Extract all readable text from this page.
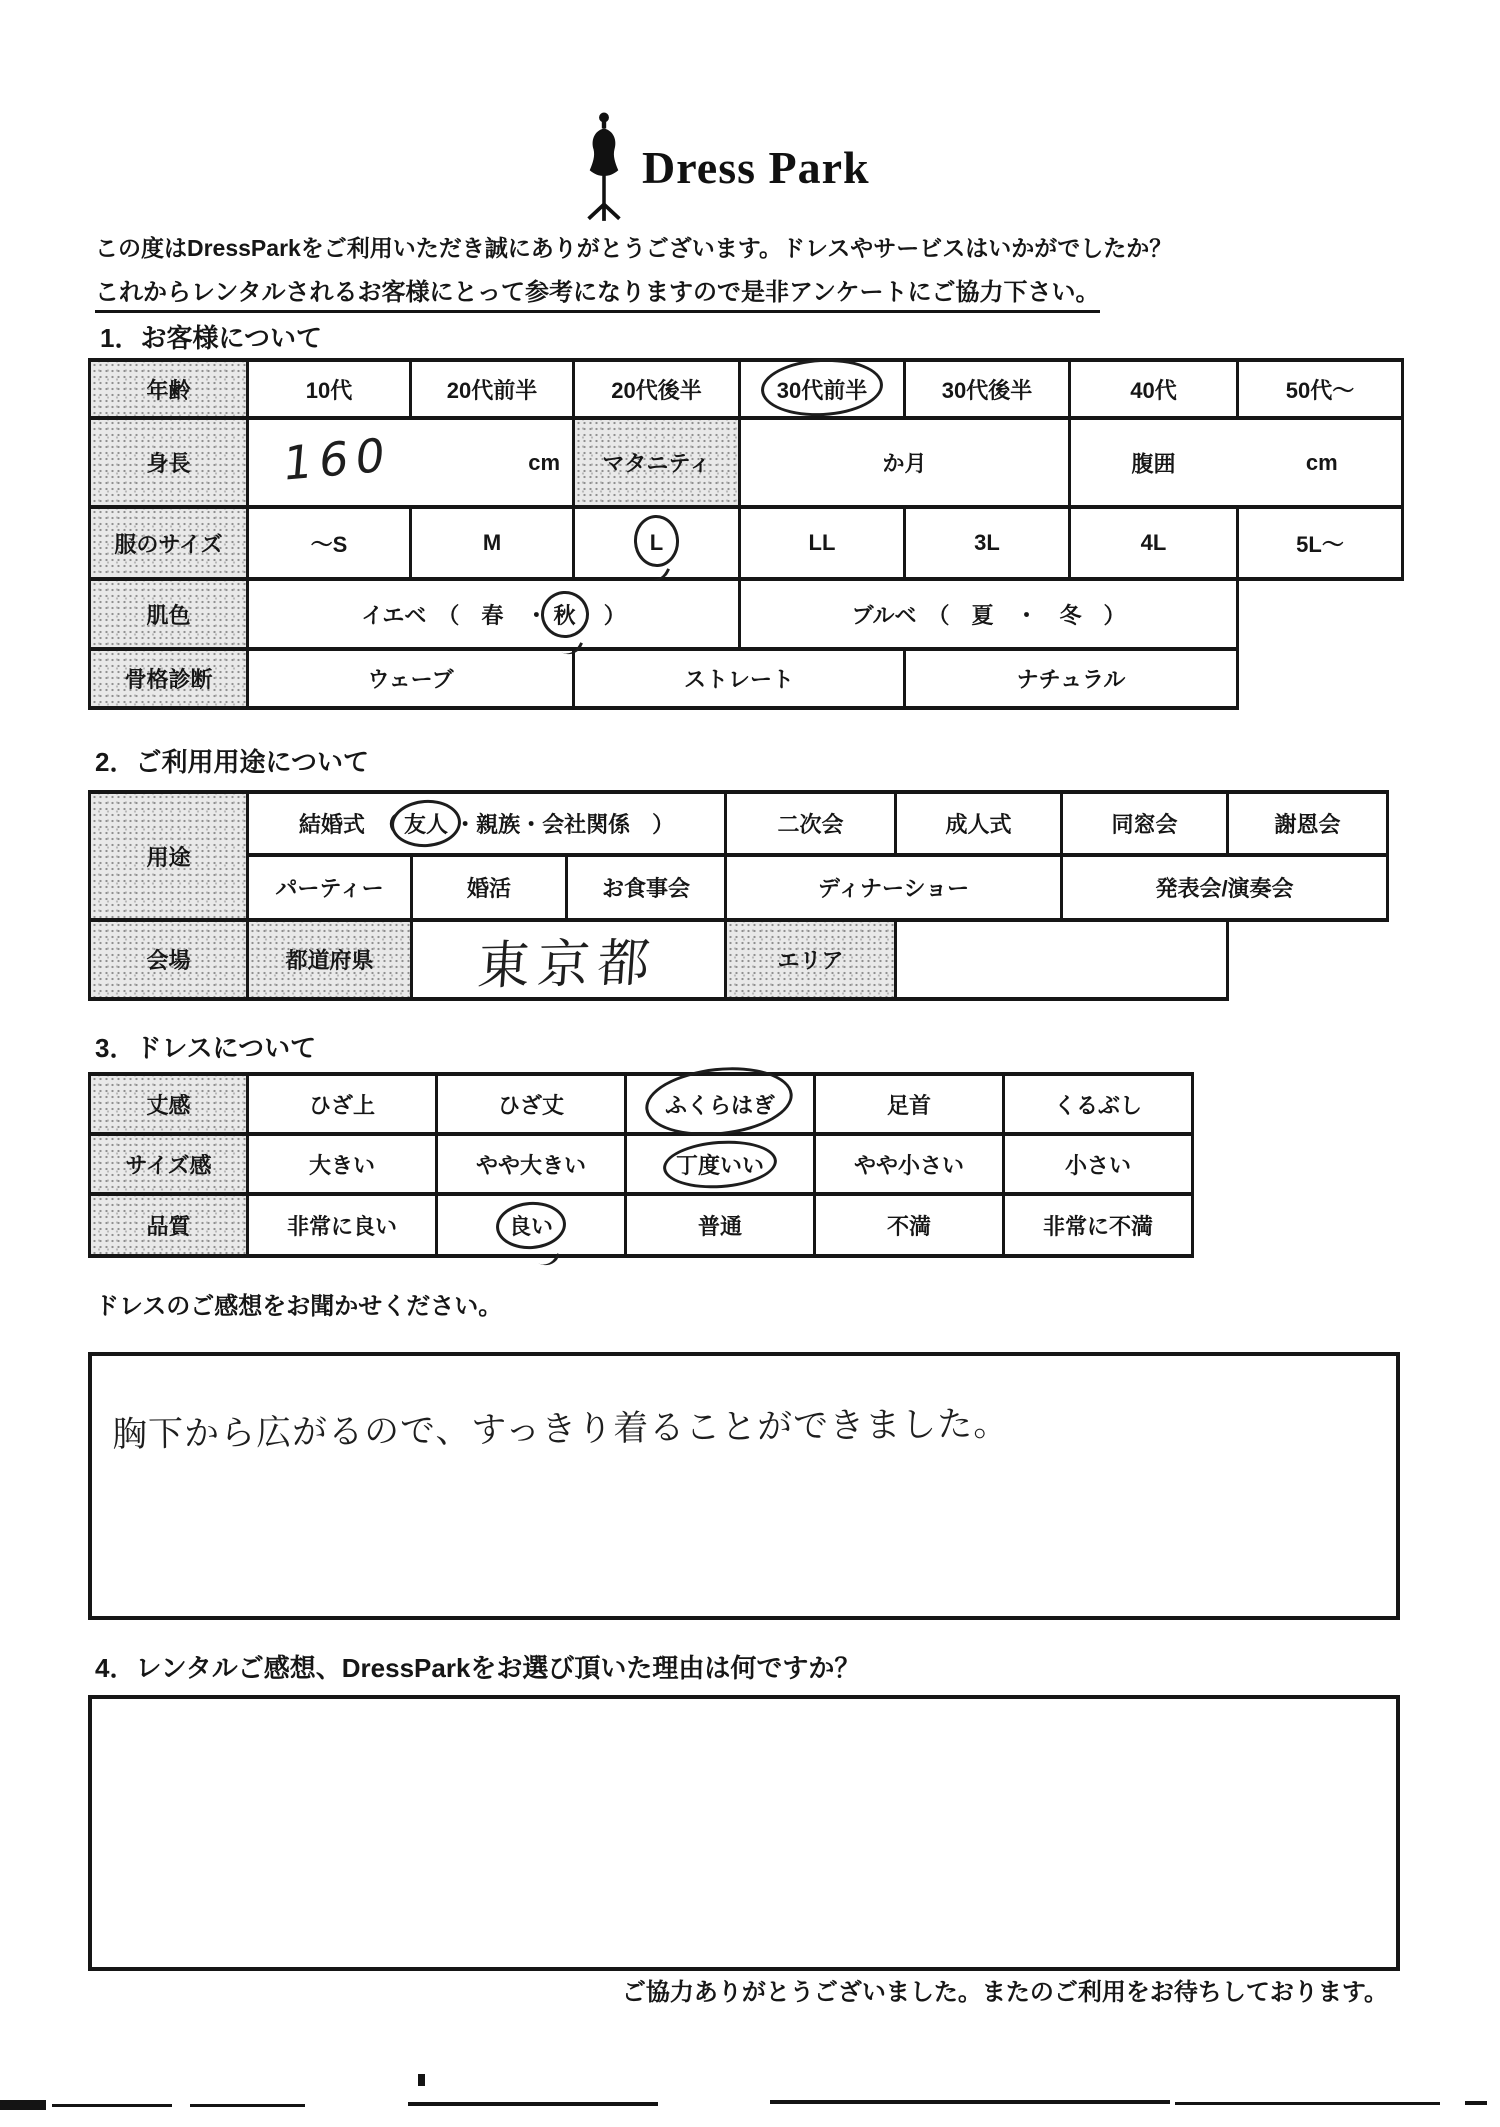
Dress Park

この度はDressParkをご利用いただき誠にありがとうございます。ドレスやサービスはいかがでしたか？

これからレンタルされるお客様にとって参考になりますので是非アンケートにご協力下さい。

1．お客様について
年齢	10代	20代前半	20代後半	30代前半	30代後半	40代	50代～
身長	160 cm		マタニティ	か月		腹囲 cm	

服のサイズ	～S	M	L	LL	3L	4L	5L～
肌色	イエベ　（　春　・ 秋 　）			ブルベ　（　夏　・　冬　）			
骨格診断	ウェーブ		ストレート		ナチュラル		
2．ご利用用途について
用途	結婚式　（ 友人 ・親族・会社関係　）			二次会	成人式	同窓会	謝恩会
	パーティー	婚活	お食事会	ディナーショー		発表会/演奏会	
会場	都道府県	東京都		エリア			
3．ドレスについて
丈感	ひざ上	ひざ丈	ふくらはぎ	足首	くるぶし
サイズ感	大きい	やや大きい	丁度いい	やや小さい	小さい
品質	非常に良い	良い	普通	不満	非常に不満

ドレスのご感想をお聞かせください。

胸下から広がるので、すっきり着ることができました。
4．レンタルご感想、DressParkをお選び頂いた理由は何ですか？

ご協力ありがとうございました。またのご利用をお待ちしております。
